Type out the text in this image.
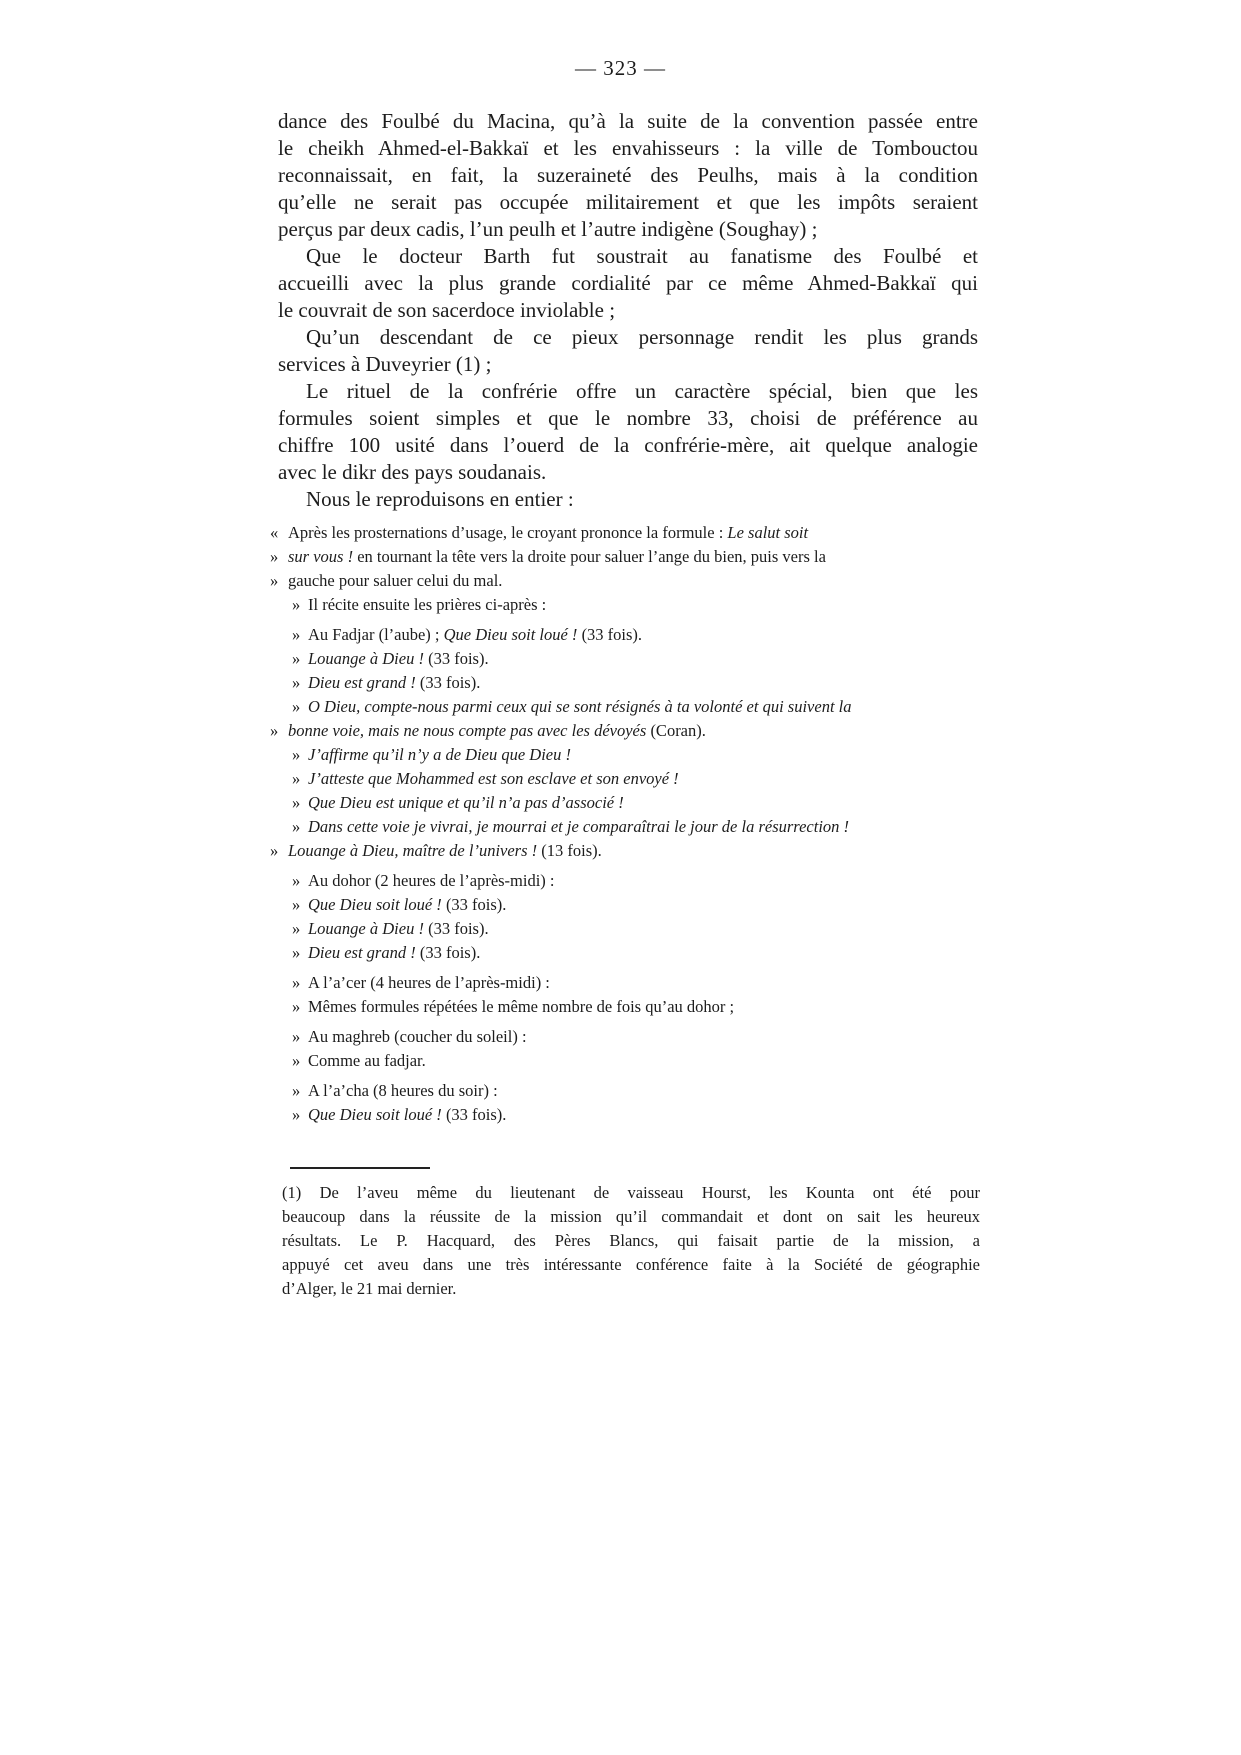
— 323 —
dance des Foulbé du Macina, qu’à la suite de la convention passée entre
le cheikh Ahmed-el-Bakkaï et les envahisseurs : la ville de Tombouctou
reconnaissait, en fait, la suzeraineté des Peulhs, mais à la condition
qu’elle ne serait pas occupée militairement et que les impôts seraient
perçus par deux cadis, l’un peulh et l’autre indigène (Soughay) ;
Que le docteur Barth fut soustrait au fanatisme des Foulbé et
accueilli avec la plus grande cordialité par ce même Ahmed-Bakkaï qui
le couvrait de son sacerdoce inviolable ;
Qu’un descendant de ce pieux personnage rendit les plus grands
services à Duveyrier (1) ;
Le rituel de la confrérie offre un caractère spécial, bien que les
formules soient simples et que le nombre 33, choisi de préférence au
chiffre 100 usité dans l’ouerd de la confrérie-mère, ait quelque analogie
avec le dikr des pays soudanais.
Nous le reproduisons en entier :
« Après les prosternations d’usage, le croyant prononce la formule : Le salut soit
» sur vous ! en tournant la tête vers la droite pour saluer l’ange du bien, puis vers la
» gauche pour saluer celui du mal.
» Il récite ensuite les prières ci-après :
» Au Fadjar (l’aube) ; Que Dieu soit loué ! (33 fois).
» Louange à Dieu ! (33 fois).
» Dieu est grand ! (33 fois).
» O Dieu, compte-nous parmi ceux qui se sont résignés à ta volonté et qui suivent la
» bonne voie, mais ne nous compte pas avec les dévoyés (Coran).
» J’affirme qu’il n’y a de Dieu que Dieu !
» J’atteste que Mohammed est son esclave et son envoyé !
» Que Dieu est unique et qu’il n’a pas d’associé !
» Dans cette voie je vivrai, je mourrai et je comparaîtrai le jour de la résurrection !
» Louange à Dieu, maître de l’univers ! (13 fois).
» Au dohor (2 heures de l’après-midi) :
» Que Dieu soit loué ! (33 fois).
» Louange à Dieu ! (33 fois).
» Dieu est grand ! (33 fois).
» A l’a’cer (4 heures de l’après-midi) :
» Mêmes formules répétées le même nombre de fois qu’au dohor ;
» Au maghreb (coucher du soleil) :
» Comme au fadjar.
» A l’a’cha (8 heures du soir) :
» Que Dieu soit loué ! (33 fois).
(1) De l’aveu même du lieutenant de vaisseau Hourst, les Kounta ont été pour
beaucoup dans la réussite de la mission qu’il commandait et dont on sait les heureux
résultats. Le P. Hacquard, des Pères Blancs, qui faisait partie de la mission, a
appuyé cet aveu dans une très intéressante conférence faite à la Société de géographie
d’Alger, le 21 mai dernier.
